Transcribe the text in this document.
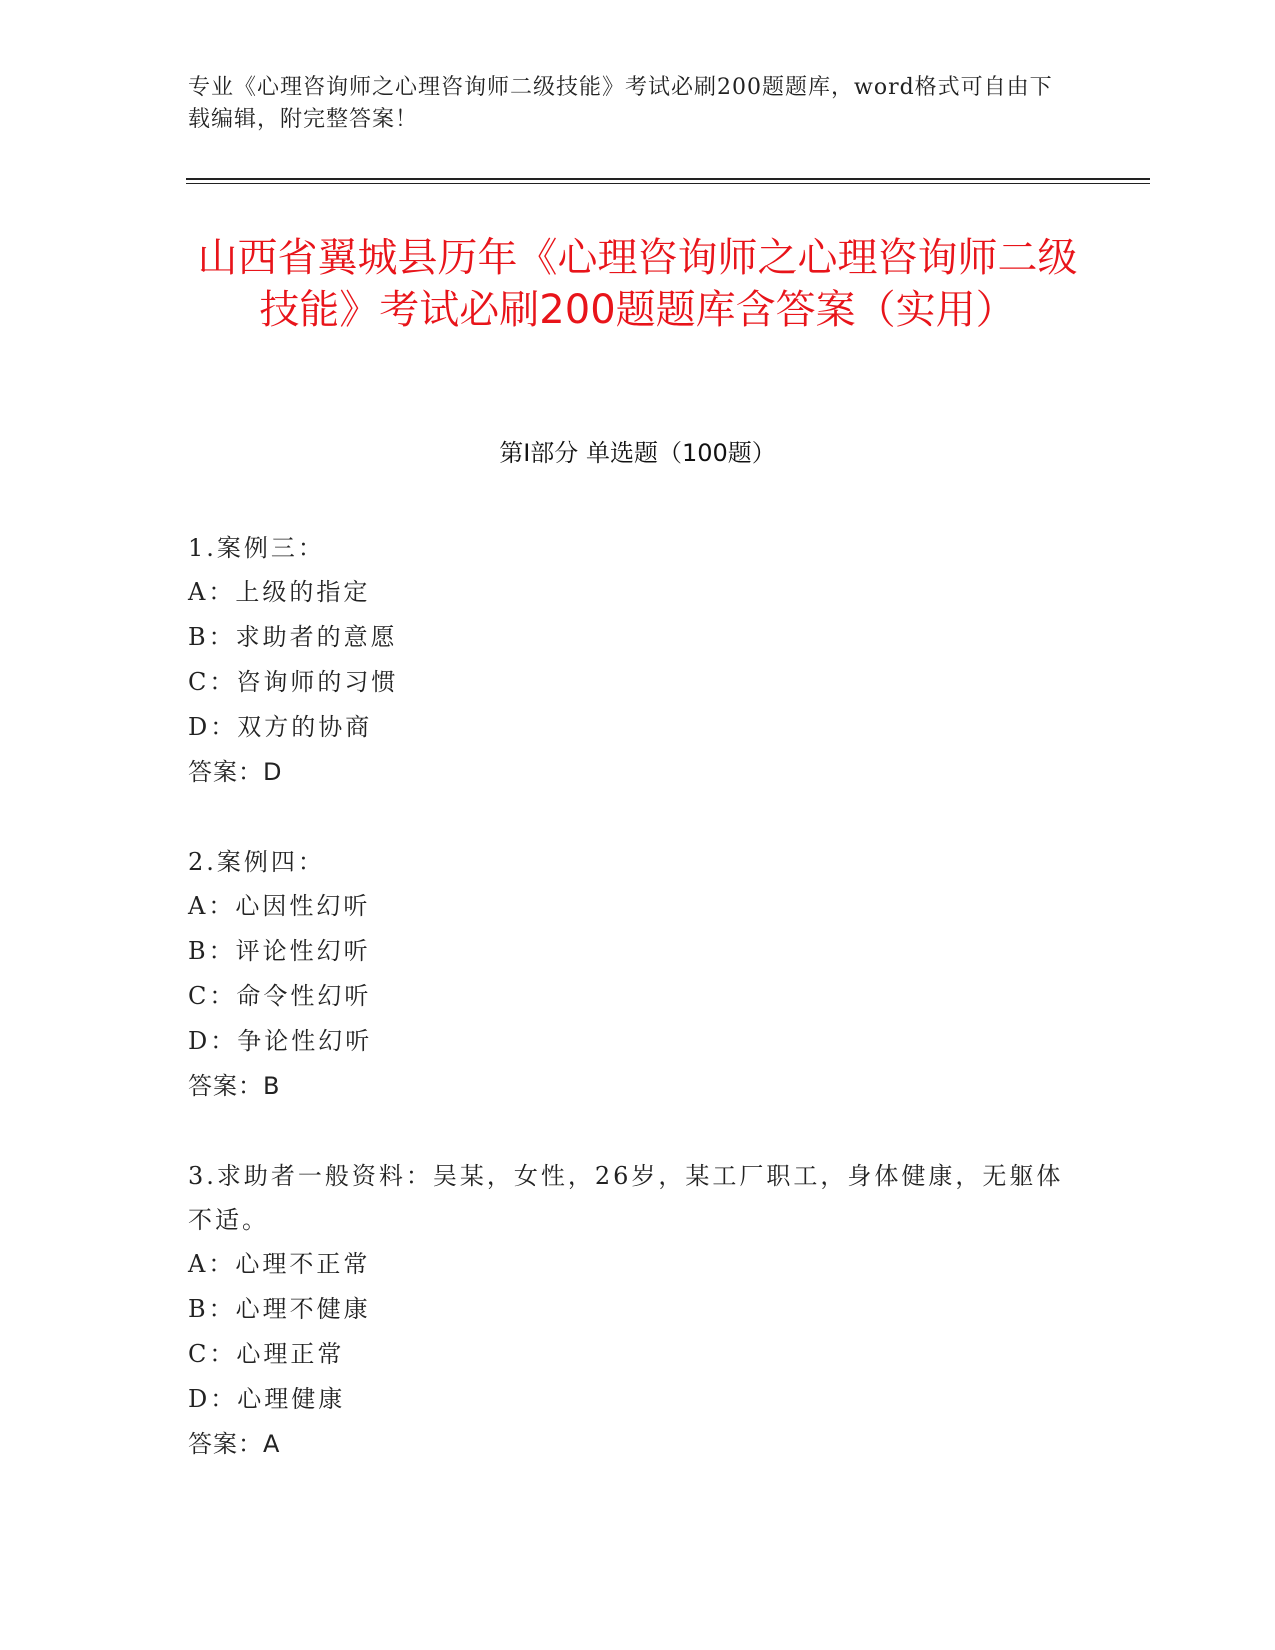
专业《心理咨询师之心理咨询师二级技能》考试必刷200题题库，word格式可自由下载编辑，附完整答案！
山西省翼城县历年《心理咨询师之心理咨询师二级技能》考试必刷200题题库含答案（实用）
第I部分 单选题（100题）
1.案例三：
A：上级的指定
B：求助者的意愿
C：咨询师的习惯
D：双方的协商
答案：D
2.案例四：
A：心因性幻听
B：评论性幻听
C：命令性幻听
D：争论性幻听
答案：B
3.求助者一般资料：吴某，女性，26岁，某工厂职工，身体健康，无躯体不适。
A：心理不正常
B：心理不健康
C：心理正常
D：心理健康
答案：A
